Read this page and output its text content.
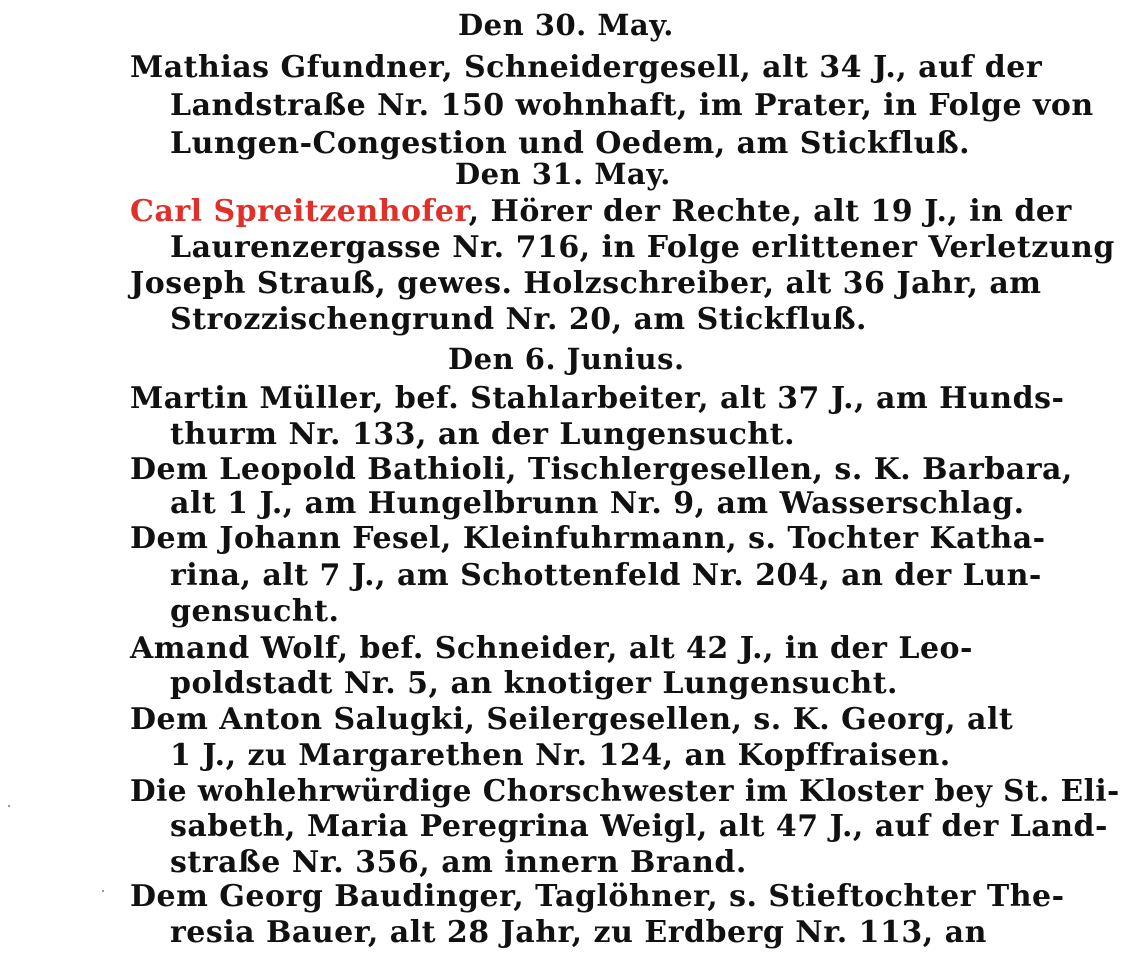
Den 30. May.
Mathias Gfundner, Schneidergesell, alt 34 J., auf der
Landstraße Nr. 150 wohnhaft, im Prater, in Folge von
Lungen-Congestion und Oedem, am Stickfluß.
Den 31. May.
Carl Spreitzenhofer, Hörer der Rechte, alt 19 J., in der
Laurenzergasse Nr. 716, in Folge erlittener Verletzung
Joseph Strauß, gewes. Holzschreiber, alt 36 Jahr, am
Strozzischengrund Nr. 20, am Stickfluß.
Den 6. Junius.
Martin Müller, bef. Stahlarbeiter, alt 37 J., am Hunds-
thurm Nr. 133, an der Lungensucht.
Dem Leopold Bathioli, Tischlergesellen, s. K. Barbara,
alt 1 J., am Hungelbrunn Nr. 9, am Wasserschlag.
Dem Johann Fesel, Kleinfuhrmann, s. Tochter Katha-
rina, alt 7 J., am Schottenfeld Nr. 204, an der Lun-
gensucht.
Amand Wolf, bef. Schneider, alt 42 J., in der Leo-
poldstadt Nr. 5, an knotiger Lungensucht.
Dem Anton Salugki, Seilergesellen, s. K. Georg, alt
1 J., zu Margarethen Nr. 124, an Kopffraisen.
Die wohlehrwürdige Chorschwester im Kloster bey St. Eli-
sabeth, Maria Peregrina Weigl, alt 47 J., auf der Land-
straße Nr. 356, am innern Brand.
Dem Georg Baudinger, Taglöhner, s. Stieftochter The-
resia Bauer, alt 28 Jahr, zu Erdberg Nr. 113, an
